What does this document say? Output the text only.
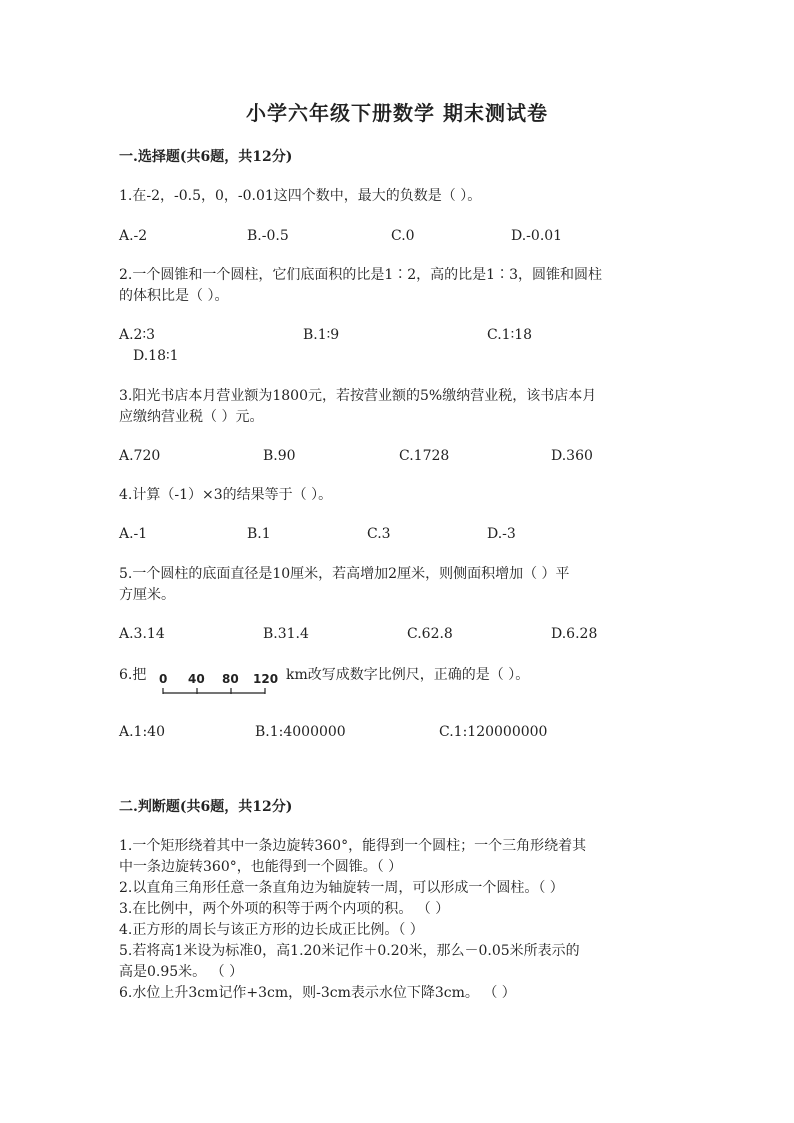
小学六年级下册数学 期末测试卷
一.选择题(共6题，共12分)
1.在-2，-0.5，0，-0.01这四个数中，最大的负数是（ ）。
A.-2	B.-0.5	C.0	D.-0.01
2.一个圆锥和一个圆柱，它们底面积的比是1∶2，高的比是1∶3，圆锥和圆柱
的体积比是（ ）。
A.2∶3	B.1∶9	C.1∶18
D.18∶1
3.阳光书店本月营业额为1800元，若按营业额的5%缴纳营业税，该书店本月
应缴纳营业税（ ）元。
A.720	B.90	C.1728	D.360
4.计算（-1）×3的结果等于（ ）。
A.-1	B.1	C.3	D.-3
5.一个圆柱的底面直径是10厘米，若高增加2厘米，则侧面积增加（ ）平
方厘米。
A.3.14	B.31.4	C.62.8	D.6.28
6.把 0 40 80 120 km改写成数字比例尺，正确的是（ ）。
A.1:40	B.1:4000000	C.1:120000000
二.判断题(共6题，共12分)
1.一个矩形绕着其中一条边旋转360°，能得到一个圆柱；一个三角形绕着其
中一条边旋转360°，也能得到一个圆锥。（ ）
2.以直角三角形任意一条直角边为轴旋转一周，可以形成一个圆柱。（ ）
3.在比例中，两个外项的积等于两个内项的积。 （ ）
4.正方形的周长与该正方形的边长成正比例。（ ）
5.若将高1米设为标准0，高1.20米记作＋0.20米，那么－0.05米所表示的
高是0.95米。 （ ）
6.水位上升3cm记作+3cm，则-3cm表示水位下降3cm。 （ ）
